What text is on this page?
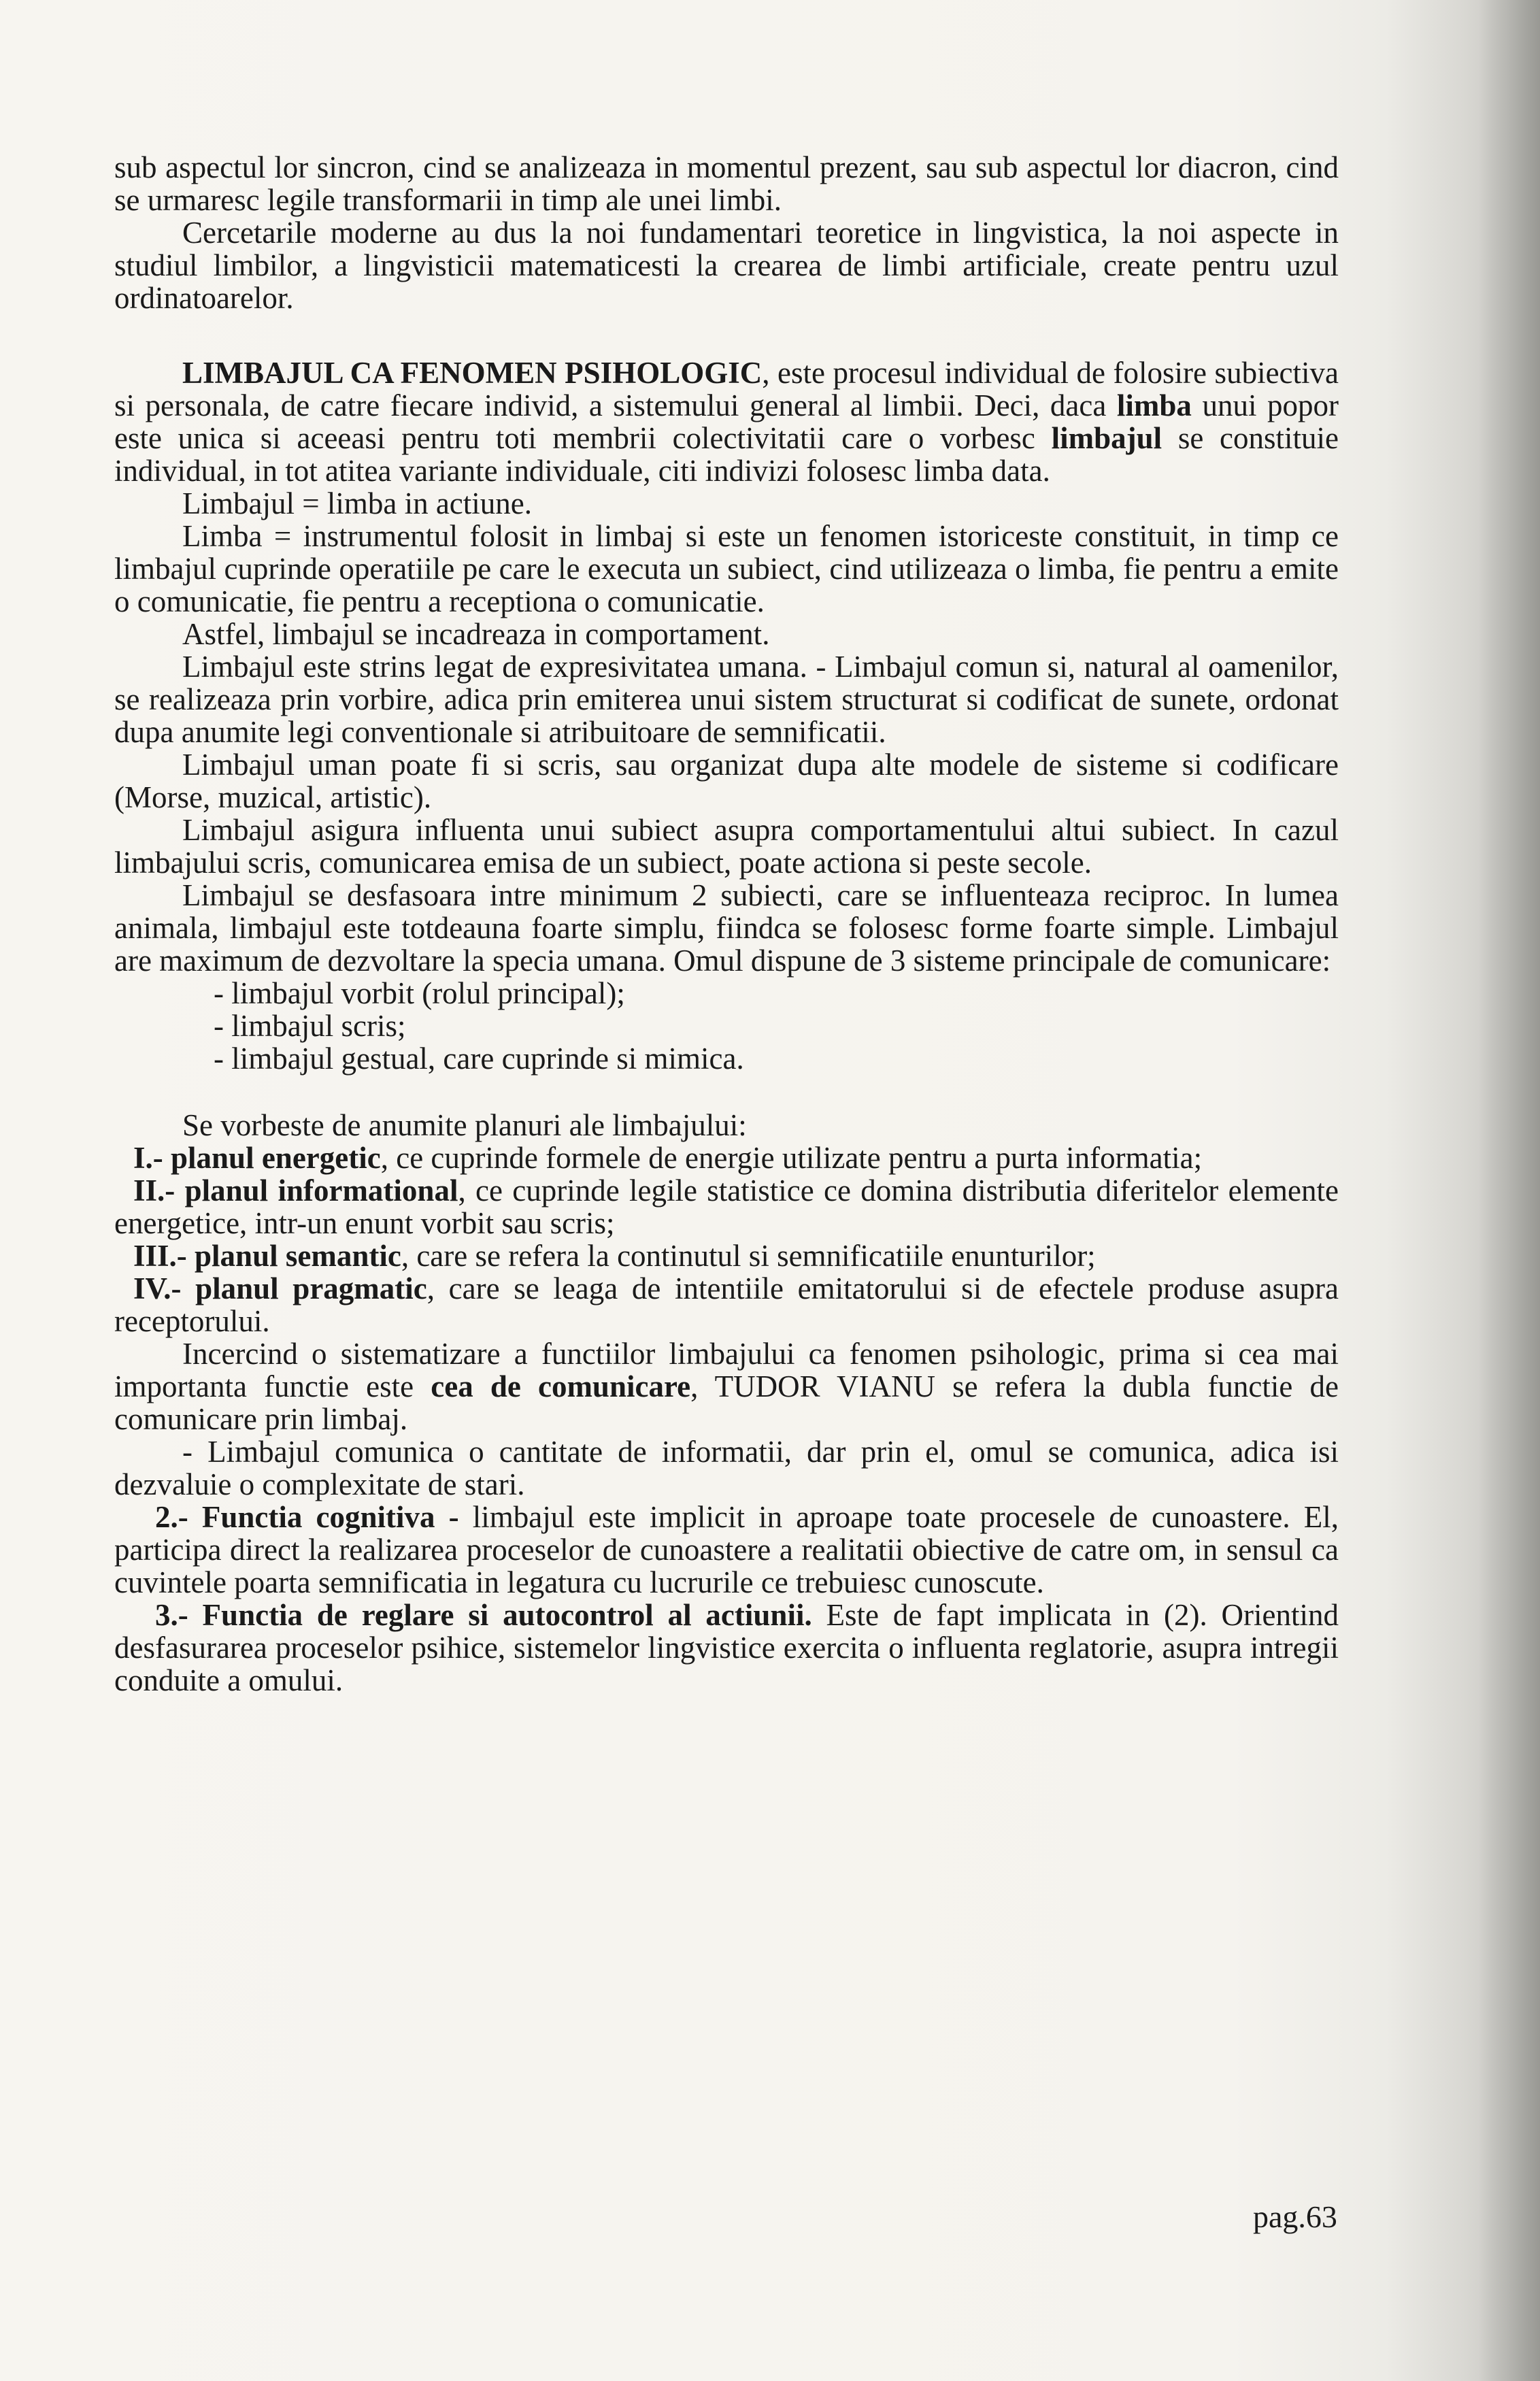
sub aspectul lor sincron, cind se analizeaza in momentul prezent, sau sub aspectul lor diacron, cind se urmaresc legile transformarii in timp ale unei limbi.

Cercetarile moderne au dus la noi fundamentari teoretice in lingvistica, la noi aspecte in studiul limbilor, a lingvisticii matematicesti la crearea de limbi artificiale, create pentru uzul ordinatoarelor.

LIMBAJUL CA FENOMEN PSIHOLOGIC, este procesul individual de folosire subiectiva si personala, de catre fiecare individ, a sistemului general al limbii. Deci, daca limba unui popor este unica si aceeasi pentru toti membrii colectivitatii care o vorbesc limbajul se constituie individual, in tot atitea variante individuale, citi indivizi folosesc limba data.

Limbajul = limba in actiune.

Limba = instrumentul folosit in limbaj si este un fenomen istoriceste constituit, in timp ce limbajul cuprinde operatiile pe care le executa un subiect, cind utilizeaza o limba, fie pentru a emite o comunicatie, fie pentru a receptiona o comunicatie.

Astfel, limbajul se incadreaza in comportament.

Limbajul este strins legat de expresivitatea umana. - Limbajul comun si, natural al oamenilor, se realizeaza prin vorbire, adica prin emiterea unui sistem structurat si codificat de sunete, ordonat dupa anumite legi conventionale si atribuitoare de semnificatii.

Limbajul uman poate fi si scris, sau organizat dupa alte modele de sisteme si codificare (Morse, muzical, artistic).

Limbajul asigura influenta unui subiect asupra comportamentului altui subiect. In cazul limbajului scris, comunicarea emisa de un subiect, poate actiona si peste secole.

Limbajul se desfasoara intre minimum 2 subiecti, care se influenteaza reciproc. In lumea animala, limbajul este totdeauna foarte simplu, fiindca se folosesc forme foarte simple. Limbajul are maximum de dezvoltare la specia umana. Omul dispune de 3 sisteme principale de comunicare:

- limbajul vorbit (rolul principal);

- limbajul scris;

- limbajul gestual, care cuprinde si mimica.

Se vorbeste de anumite planuri ale limbajului:

I.- planul energetic, ce cuprinde formele de energie utilizate pentru a purta informatia;

II.- planul informational, ce cuprinde legile statistice ce domina distributia diferitelor elemente energetice, intr-un enunt vorbit sau scris;

III.- planul semantic, care se refera la continutul si semnificatiile enunturilor;

IV.- planul pragmatic, care se leaga de intentiile emitatorului si de efectele produse asupra receptorului.

Incercind o sistematizare a functiilor limbajului ca fenomen psihologic, prima si cea mai importanta functie este cea de comunicare, TUDOR VIANU se refera la dubla functie de comunicare prin limbaj.

- Limbajul comunica o cantitate de informatii, dar prin el, omul se comunica, adica isi dezvaluie o complexitate de stari.

2.- Functia cognitiva - limbajul este implicit in aproape toate procesele de cunoastere. El, participa direct la realizarea proceselor de cunoastere a realitatii obiective de catre om, in sensul ca cuvintele poarta semnificatia in legatura cu lucrurile ce trebuiesc cunoscute.

3.- Functia de reglare si autocontrol al actiunii. Este de fapt implicata in (2). Orientind desfasurarea proceselor psihice, sistemelor lingvistice exercita o influenta reglatorie, asupra intregii conduite a omului.

pag.63
